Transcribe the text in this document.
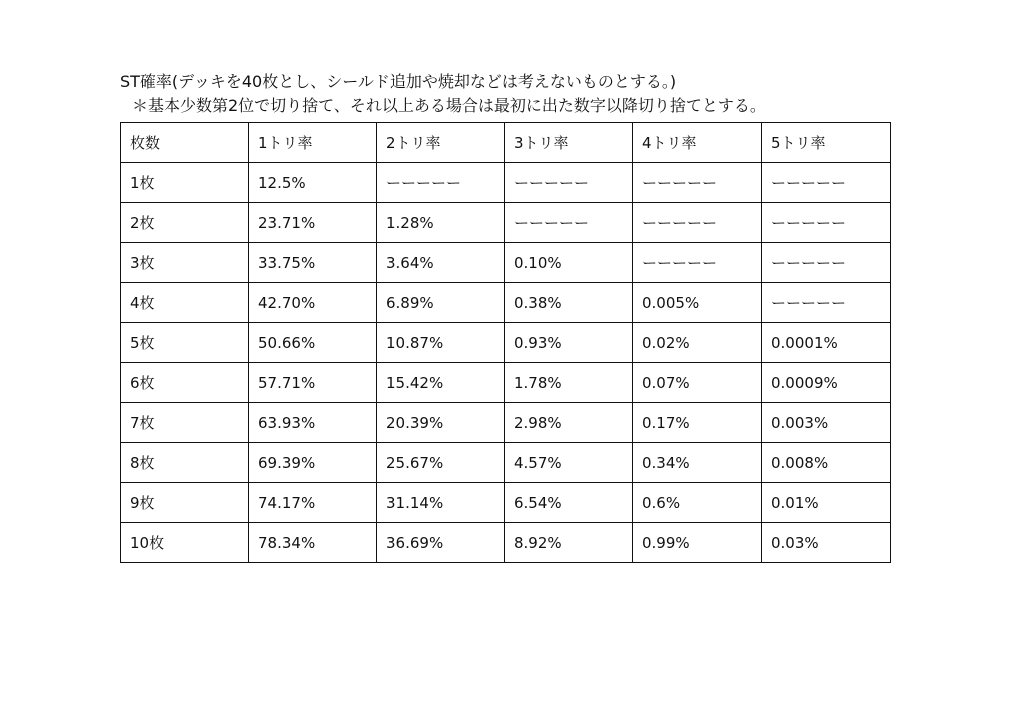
ST確率(デッキを40枚とし、シールド追加や焼却などは考えないものとする。)
＊基本少数第2位で切り捨て、それ以上ある場合は最初に出た数字以降切り捨てとする。
枚数	1トリ率	2トリ率	3トリ率	4トリ率	5トリ率
1枚	12.5%	ーーーーー	ーーーーー	ーーーーー	ーーーーー
2枚	23.71%	1.28%	ーーーーー	ーーーーー	ーーーーー
3枚	33.75%	3.64%	0.10%	ーーーーー	ーーーーー
4枚	42.70%	6.89%	0.38%	0.005%	ーーーーー
5枚	50.66%	10.87%	0.93%	0.02%	0.0001%
6枚	57.71%	15.42%	1.78%	0.07%	0.0009%
7枚	63.93%	20.39%	2.98%	0.17%	0.003%
8枚	69.39%	25.67%	4.57%	0.34%	0.008%
9枚	74.17%	31.14%	6.54%	0.6%	0.01%
10枚	78.34%	36.69%	8.92%	0.99%	0.03%
